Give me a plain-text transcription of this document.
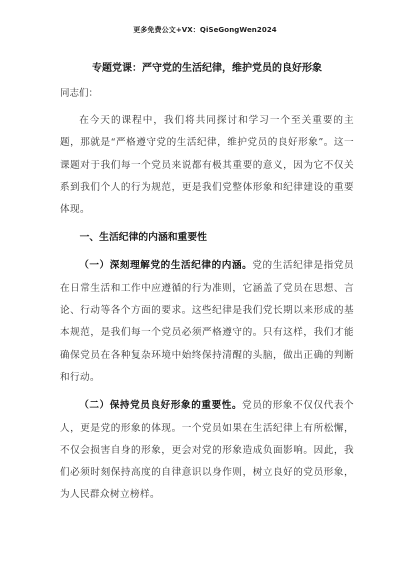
更多免费公文+VX：QiSeGongWen2024
专题党课：严守党的生活纪律，维护党员的良好形象
同志们：

在今天的课程中，我们将共同探讨和学习一个至关重要的主题，那就是“严格遵守党的生活纪律，维护党员的良好形象”。这一课题对于我们每一个党员来说都有极其重要的意义，因为它不仅关系到我们个人的行为规范，更是我们党整体形象和纪律建设的重要体现。

一、生活纪律的内涵和重要性

（一）深刻理解党的生活纪律的内涵。党的生活纪律是指党员在日常生活和工作中应遵循的行为准则，它涵盖了党员在思想、言论、行动等各个方面的要求。这些纪律是我们党长期以来形成的基本规范，是我们每一个党员必须严格遵守的。只有这样，我们才能确保党员在各种复杂环境中始终保持清醒的头脑，做出正确的判断和行动。

（二）保持党员良好形象的重要性。党员的形象不仅仅代表个人，更是党的形象的体现。一个党员如果在生活纪律上有所松懈，不仅会损害自身的形象，更会对党的形象造成负面影响。因此，我们必须时刻保持高度的自律意识以身作则，树立良好的党员形象，为人民群众树立榜样。
